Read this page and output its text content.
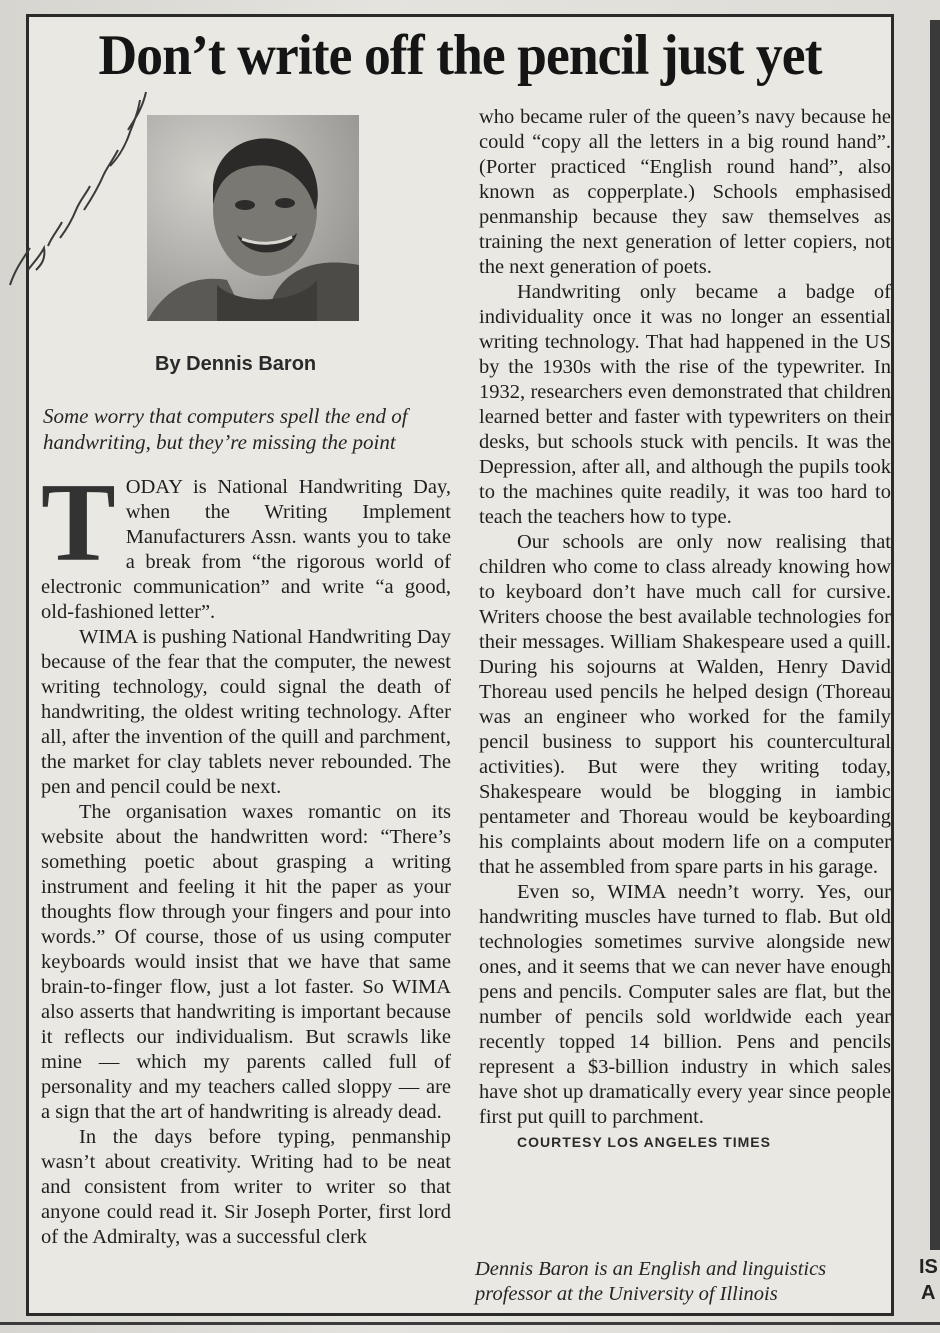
Don’t write off the pencil just yet
By Dennis Baron
Some worry that computers spell the end of handwriting, but they’re missing the point

TODAY is National Handwriting Day, when the Writing Implement Manufacturers Assn. wants you to take a break from “the rigorous world of electronic communication” and write “a good, old-fashioned letter”.

WIMA is pushing National Handwriting Day because of the fear that the computer, the newest writing technology, could signal the death of handwriting, the oldest writing technology. After all, after the invention of the quill and parchment, the market for clay tablets never rebounded. The pen and pencil could be next.

The organisation waxes romantic on its website about the handwritten word: “There’s something poetic about grasping a writing instrument and feeling it hit the paper as your thoughts flow through your fingers and pour into words.” Of course, those of us using computer keyboards would insist that we have that same brain-to-finger flow, just a lot faster. So WIMA also asserts that handwriting is important because it reflects our individualism. But scrawls like mine — which my parents called full of personality and my teachers called sloppy — are a sign that the art of handwriting is already dead.

In the days before typing, penmanship wasn’t about creativity. Writing had to be neat and consistent from writer to writer so that anyone could read it. Sir Joseph Porter, first lord of the Admiralty, was a successful clerk

who became ruler of the queen’s navy because he could “copy all the letters in a big round hand”. (Porter practiced “English round hand”, also known as copperplate.) Schools emphasised penmanship because they saw themselves as training the next generation of letter copiers, not the next generation of poets.

Handwriting only became a badge of individuality once it was no longer an essential writing technology. That had happened in the US by the 1930s with the rise of the typewriter. In 1932, researchers even demonstrated that children learned better and faster with typewriters on their desks, but schools stuck with pencils. It was the Depression, after all, and although the pupils took to the machines quite readily, it was too hard to teach the teachers how to type.

Our schools are only now realising that children who come to class already knowing how to keyboard don’t have much call for cursive. Writers choose the best available technologies for their messages. William Shakespeare used a quill. During his sojourns at Walden, Henry David Thoreau used pencils he helped design (Thoreau was an engineer who worked for the family pencil business to support his countercultural activities). But were they writing today, Shakespeare would be blogging in iambic pentameter and Thoreau would be keyboarding his complaints about modern life on a computer that he assembled from spare parts in his garage.

Even so, WIMA needn’t worry. Yes, our handwriting muscles have turned to flab. But old technologies sometimes survive alongside new ones, and it seems that we can never have enough pens and pencils. Computer sales are flat, but the number of pencils sold worldwide each year recently topped 14 billion. Pens and pencils represent a $3-billion industry in which sales have shot up dramatically every year since people first put quill to parchment.

COURTESY LOS ANGELES TIMES

Dennis Baron is an English and linguistics professor at the University of Illinois
IS
A
